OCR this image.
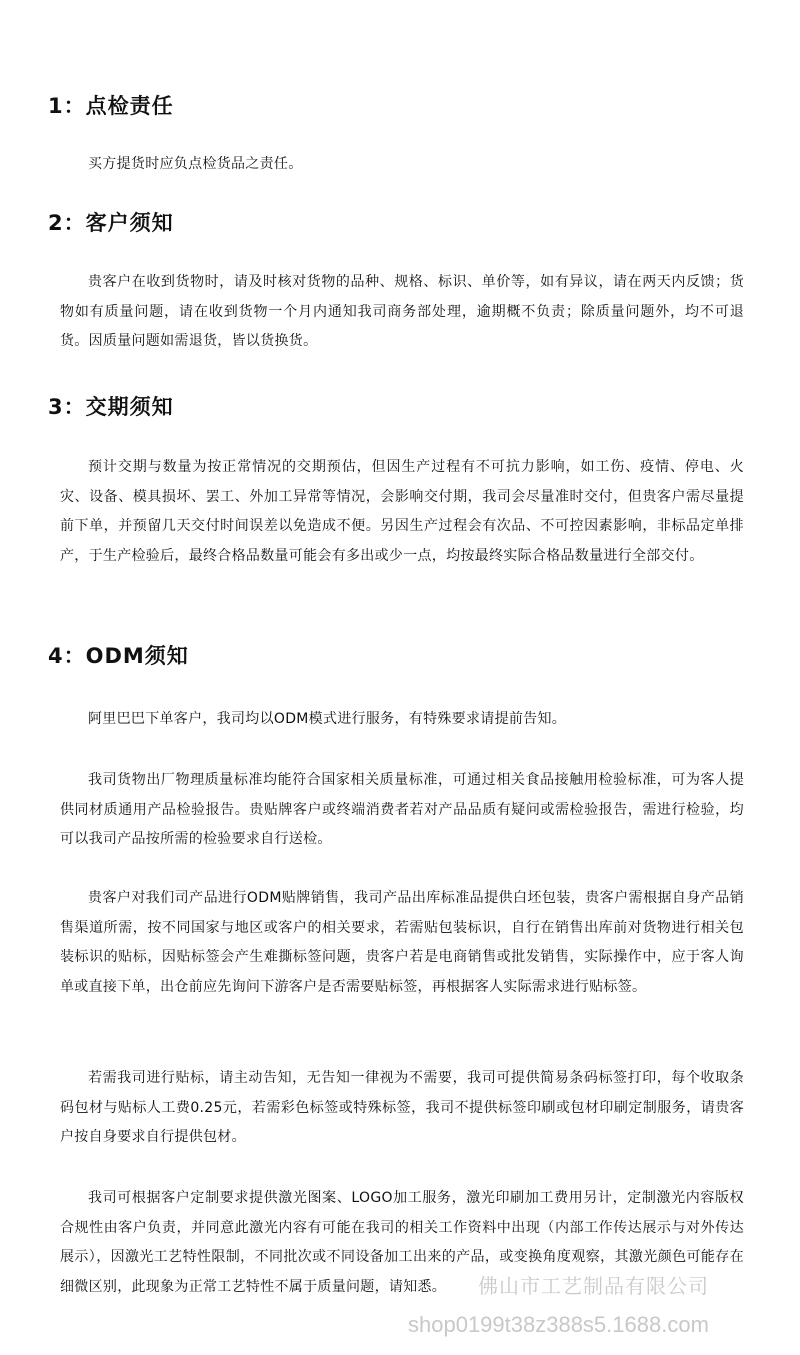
1：点检责任

买方提货时应负点检货品之责任。

2：客户须知

贵客户在收到货物时，请及时核对货物的品种、规格、标识、单价等，如有异议，请在两天内反馈；货物如有质量问题，请在收到货物一个月内通知我司商务部处理，逾期概不负责；除质量问题外，均不可退货。因质量问题如需退货，皆以货换货。

3：交期须知

预计交期与数量为按正常情况的交期预估，但因生产过程有不可抗力影响，如工伤、疫情、停电、火灾、设备、模具损坏、罢工、外加工异常等情况，会影响交付期，我司会尽量准时交付，但贵客户需尽量提前下单，并预留几天交付时间误差以免造成不便。另因生产过程会有次品、不可控因素影响，非标品定单排产，于生产检验后，最终合格品数量可能会有多出或少一点，均按最终实际合格品数量进行全部交付。

4：ODM须知

阿里巴巴下单客户，我司均以ODM模式进行服务，有特殊要求请提前告知。

我司货物出厂物理质量标准均能符合国家相关质量标准，可通过相关食品接触用检验标准，可为客人提供同材质通用产品检验报告。贵贴牌客户或终端消费者若对产品品质有疑问或需检验报告，需进行检验，均可以我司产品按所需的检验要求自行送检。

贵客户对我们司产品进行ODM贴牌销售，我司产品出库标准品提供白坯包装，贵客户需根据自身产品销售渠道所需，按不同国家与地区或客户的相关要求，若需贴包装标识，自行在销售出库前对货物进行相关包装标识的贴标，因贴标签会产生难撕标签问题，贵客户若是电商销售或批发销售，实际操作中，应于客人询单或直接下单，出仓前应先询问下游客户是否需要贴标签，再根据客人实际需求进行贴标签。

若需我司进行贴标，请主动告知，无告知一律视为不需要，我司可提供简易条码标签打印，每个收取条码包材与贴标人工费0.25元，若需彩色标签或特殊标签，我司不提供标签印刷或包材印刷定制服务，请贵客户按自身要求自行提供包材。

我司可根据客户定制要求提供激光图案、LOGO加工服务，激光印刷加工费用另计，定制激光内容版权合规性由客户负责，并同意此激光内容有可能在我司的相关工作资料中出现（内部工作传达展示与对外传达展示），因激光工艺特性限制，不同批次或不同设备加工出来的产品，或变换角度观察，其激光颜色可能存在细微区别，此现象为正常工艺特性不属于质量问题，请知悉。	佛山市工艺制品有限公司
shop0199t38z388s5.1688.com
